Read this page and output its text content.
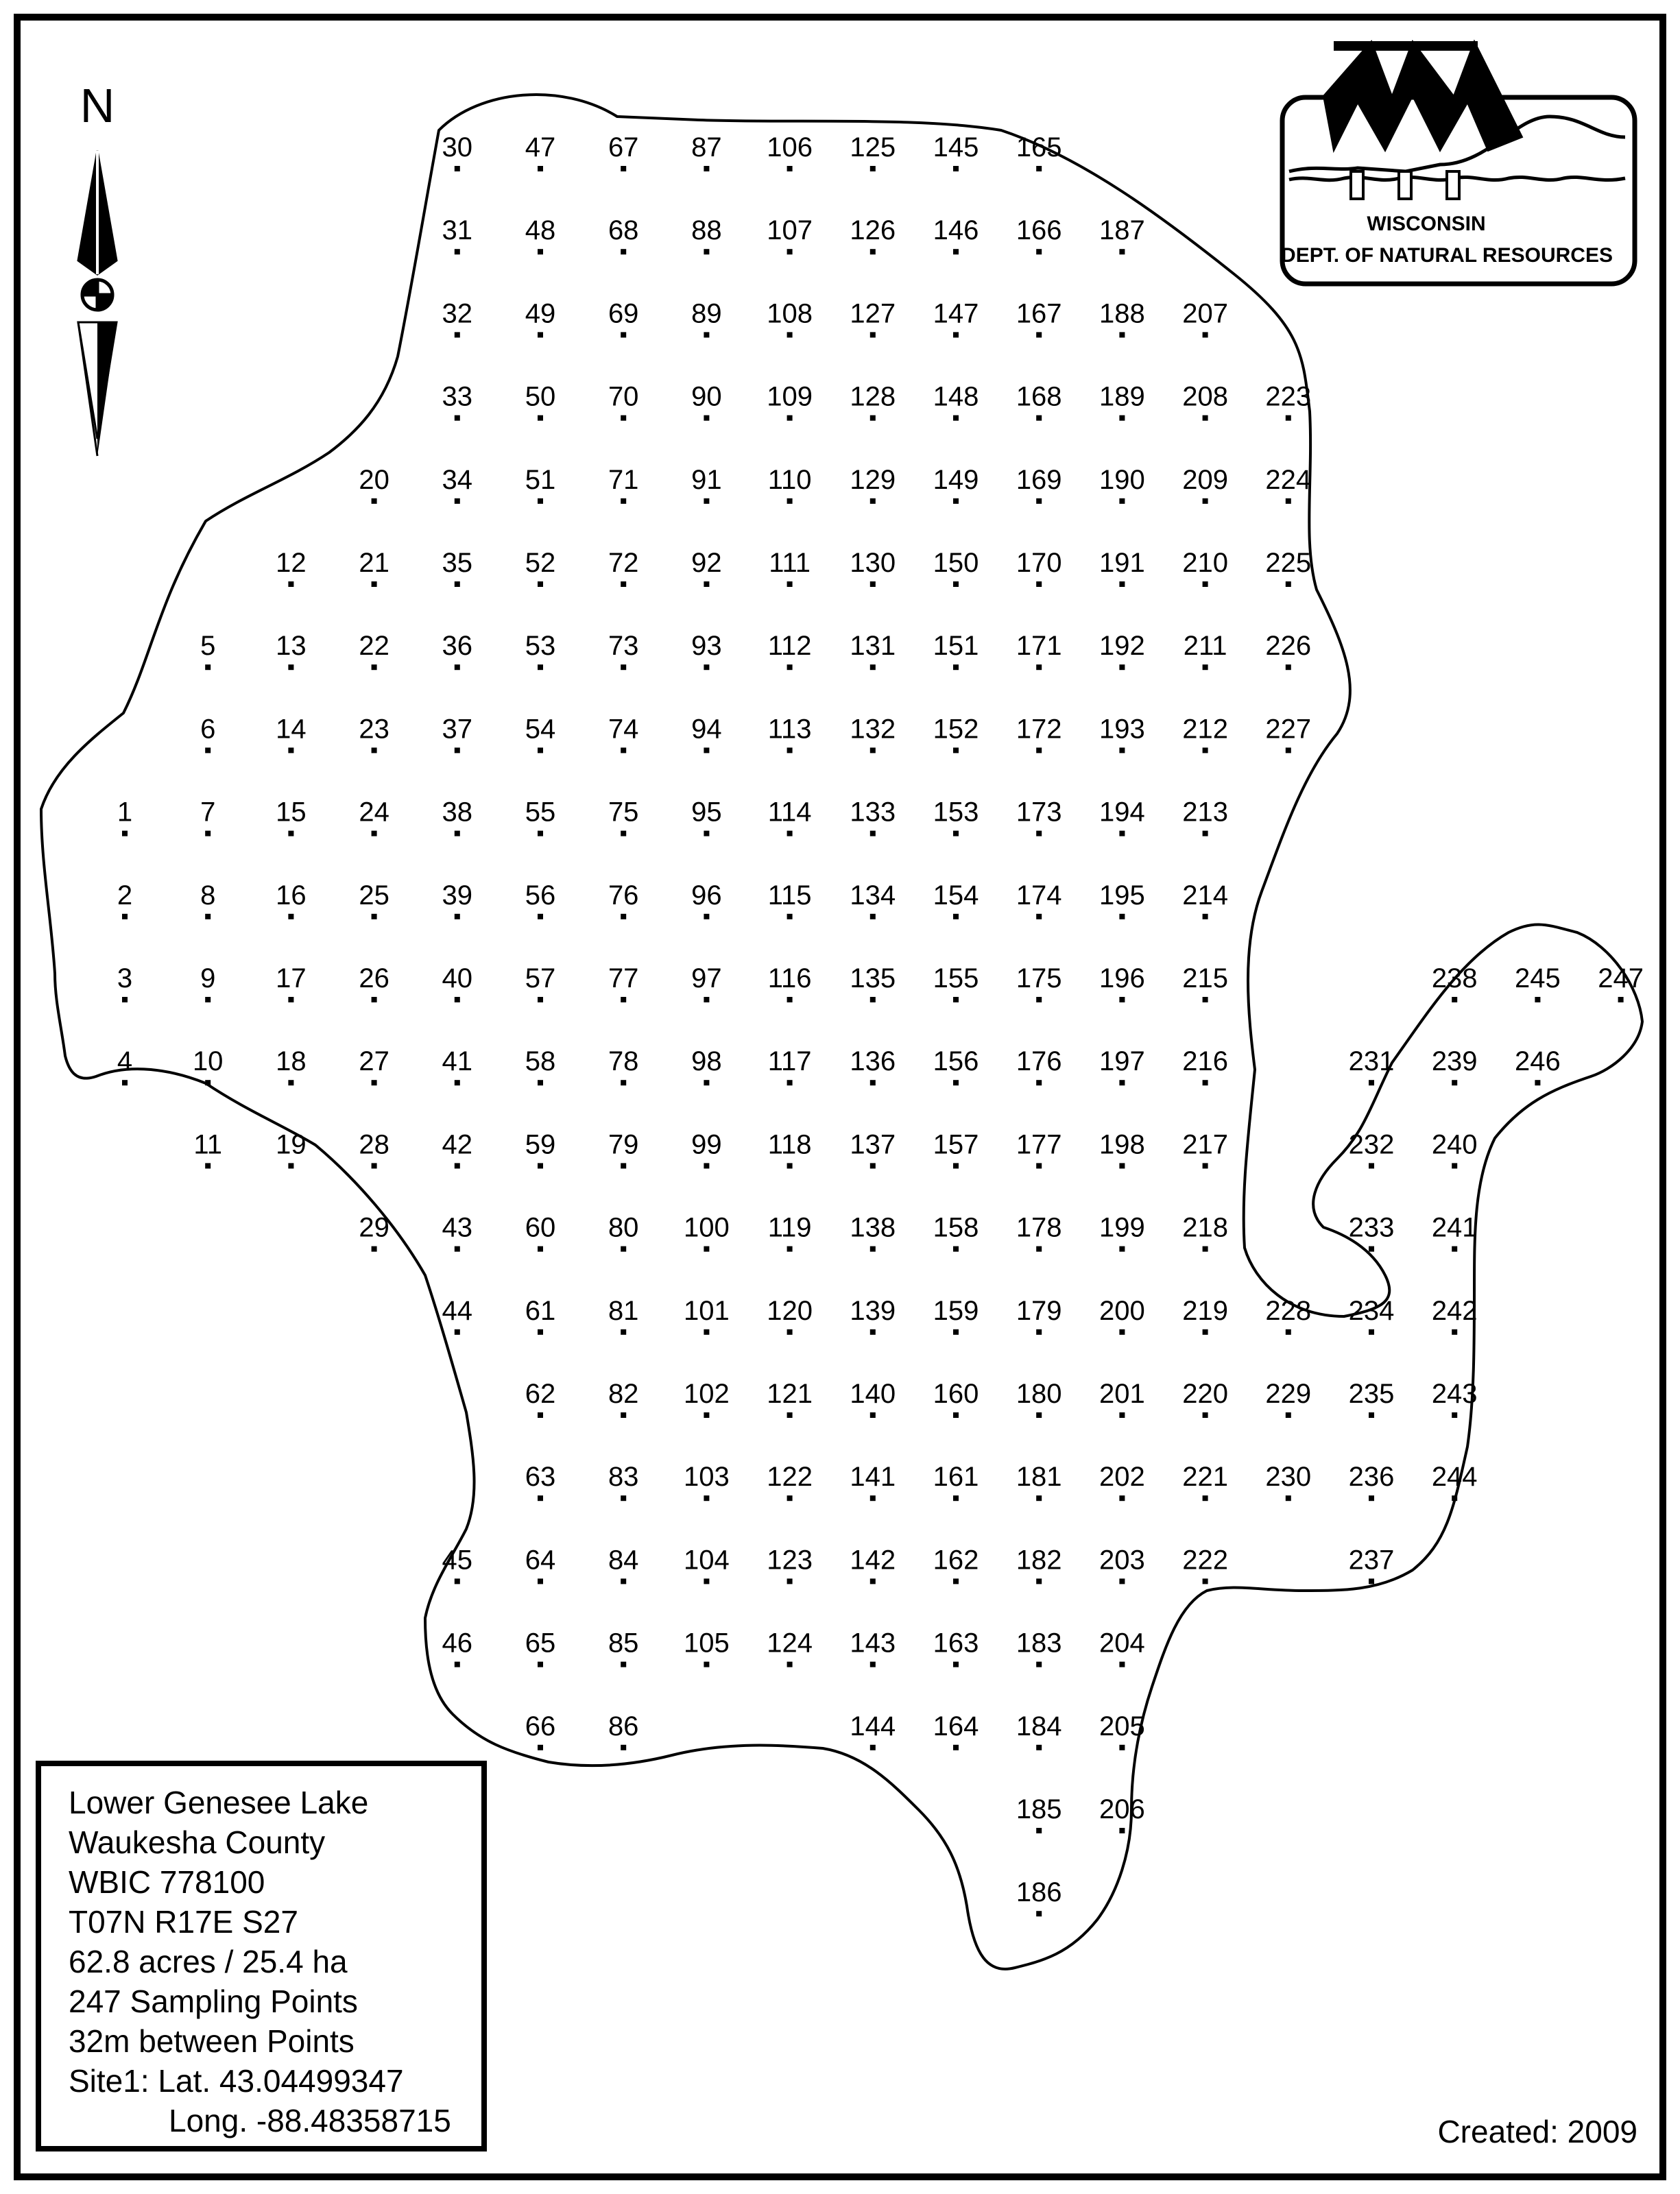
1
2
3
4
5
6
7
8
9
10
11
12
13
14
15
16
17
18
19
20
21
22
23
24
25
26
27
28
29
30
31
32
33
34
35
36
37
38
39
40
41
42
43
44
45
46
47
48
49
50
51
52
53
54
55
56
57
58
59
60
61
62
63
64
65
66
67
68
69
70
71
72
73
74
75
76
77
78
79
80
81
82
83
84
85
86
87
88
89
90
91
92
93
94
95
96
97
98
99
100
101
102
103
104
105
106
107
108
109
110
111
112
113
114
115
116
117
118
119
120
121
122
123
124
125
126
127
128
129
130
131
132
133
134
135
136
137
138
139
140
141
142
143
144
145
146
147
148
149
150
151
152
153
154
155
156
157
158
159
160
161
162
163
164
165
166
167
168
169
170
171
172
173
174
175
176
177
178
179
180
181
182
183
184
185
186
187
188
189
190
191
192
193
194
195
196
197
198
199
200
201
202
203
204
205
206
207
208
209
210
211
212
213
214
215
216
217
218
219
220
221
222
223
224
225
226
227
228
229
230
231
232
233
234
235
236
237
238
239
240
241
242
243
244
245
246
247
N
WISCONSIN
DEPT. OF NATURAL RESOURCES
Lower Genesee Lake
Waukesha County
WBIC 778100
T07N R17E S27
62.8 acres / 25.4 ha
247 Sampling Points
32m between Points
Site1: Lat. 43.04499347
Long. -88.48358715	Created: 2009
